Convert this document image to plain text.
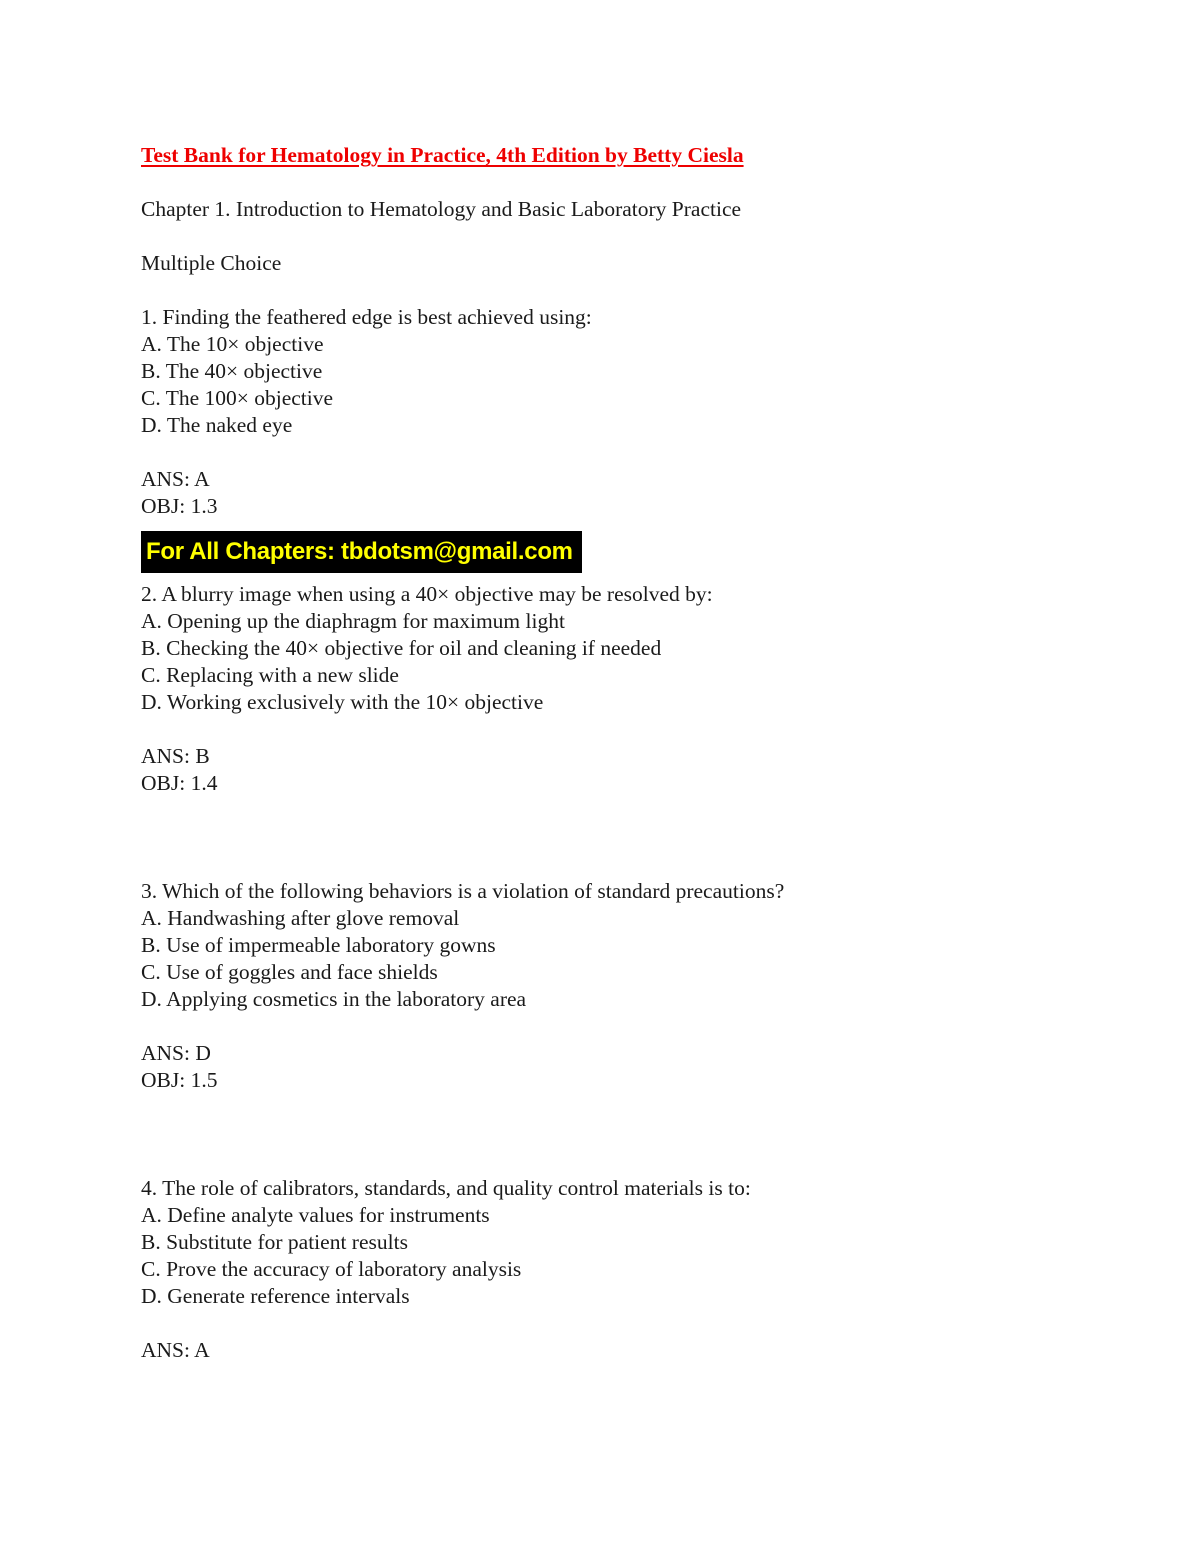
Test Bank for Hematology in Practice, 4th Edition by Betty Ciesla
Chapter 1. Introduction to Hematology and Basic Laboratory Practice
Multiple Choice
1. Finding the feathered edge is best achieved using:
A. The 10× objective
B. The 40× objective
C. The 100× objective
D. The naked eye
ANS: A
OBJ: 1.3
For All Chapters: tbdotsm@gmail.com
2. A blurry image when using a 40× objective may be resolved by:
A. Opening up the diaphragm for maximum light
B. Checking the 40× objective for oil and cleaning if needed
C. Replacing with a new slide
D. Working exclusively with the 10× objective
ANS: B
OBJ: 1.4
3. Which of the following behaviors is a violation of standard precautions?
A. Handwashing after glove removal
B. Use of impermeable laboratory gowns
C. Use of goggles and face shields
D. Applying cosmetics in the laboratory area
ANS: D
OBJ: 1.5
4. The role of calibrators, standards, and quality control materials is to:
A. Define analyte values for instruments
B. Substitute for patient results
C. Prove the accuracy of laboratory analysis
D. Generate reference intervals
ANS: A
